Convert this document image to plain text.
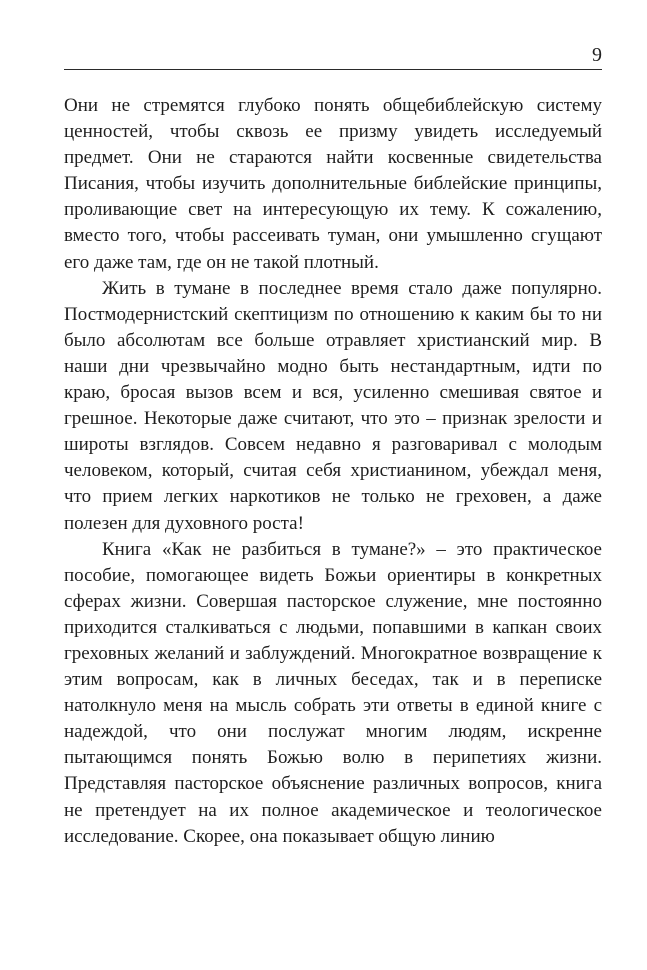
9

Они не стремятся глубоко понять общебиблейскую систему ценностей, чтобы сквозь ее призму увидеть исследуемый предмет. Они не стараются найти косвенные свидетельства Писания, чтобы изучить дополнительные библейские принципы, проливающие свет на интересующую их тему. К сожалению, вместо того, чтобы рассеивать туман, они умышленно сгущают его даже там, где он не такой плотный.

Жить в тумане в последнее время стало даже популярно. Постмодернистский скептицизм по отношению к каким бы то ни было абсолютам все больше отравляет христианский мир. В наши дни чрезвычайно модно быть нестандартным, идти по краю, бросая вызов всем и вся, усиленно смешивая святое и грешное. Некоторые даже считают, что это – признак зрелости и широты взглядов. Совсем недавно я разговаривал с молодым человеком, который, считая себя христианином, убеждал меня, что прием легких наркотиков не только не греховен, а даже полезен для духовного роста!

Книга «Как не разбиться в тумане?» – это практическое пособие, помогающее видеть Божьи ориентиры в конкретных сферах жизни. Совершая пасторское служение, мне постоянно приходится сталкиваться с людьми, попавшими в капкан своих греховных желаний и заблуждений. Многократное возвращение к этим вопросам, как в личных беседах, так и в переписке натолкнуло меня на мысль собрать эти ответы в единой книге с надеждой, что они послужат многим людям, искренне пытающимся понять Божью волю в перипетиях жизни. Представляя пасторское объяснение различных вопросов, книга не претендует на их полное академическое и теологическое исследование. Скорее, она показывает общую линию
